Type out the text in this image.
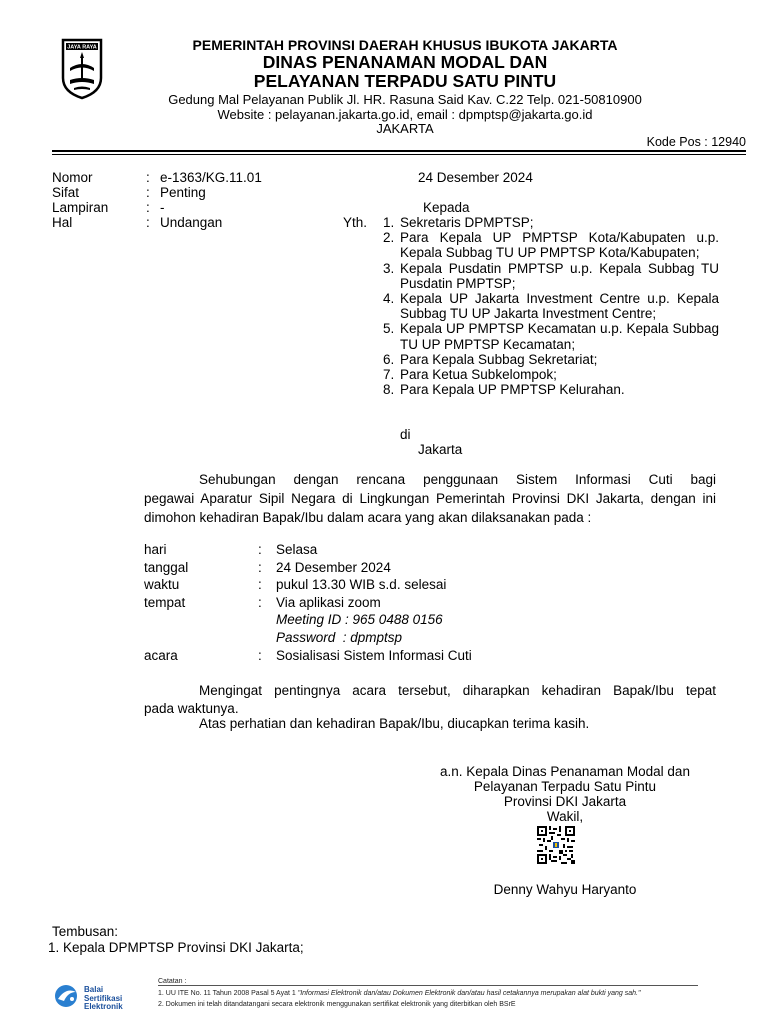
JAYA RAYA	PEMERINTAH PROVINSI DAERAH KHUSUS IBUKOTA JAKARTA
DINAS PENANAMAN MODAL DAN
PELAYANAN TERPADU SATU PINTU
Gedung Mal Pelayanan Publik Jl. HR. Rasuna Said Kav. C.22 Telp. 021-50810900
Website : pelayanan.jakarta.go.id, email : dpmptsp@jakarta.go.id
JAKARTA
Kode Pos : 12940
Nomor	: e-1363/KG.11.01	24 Desember 2024
Sifat	: Penting
Lampiran	: -	Kepada
Hal	: Undangan	Yth. 1. Sekretaris DPMPTSP;
2. Para Kepala UP PMPTSP Kota/Kabupaten u.p. Kepala Subbag TU UP PMPTSP Kota/Kabupaten;
3. Kepala Pusdatin PMPTSP u.p. Kepala Subbag TU Pusdatin PMPTSP;
4. Kepala UP Jakarta Investment Centre u.p. Kepala Subbag TU UP Jakarta Investment Centre;
5. Kepala UP PMPTSP Kecamatan u.p. Kepala Subbag TU UP PMPTSP Kecamatan;
6. Para Kepala Subbag Sekretariat;
7. Para Ketua Subkelompok;
8. Para Kepala UP PMPTSP Kelurahan.
di
Jakarta
Sehubungan dengan rencana penggunaan Sistem Informasi Cuti bagi
pegawai Aparatur Sipil Negara di Lingkungan Pemerintah Provinsi DKI Jakarta, dengan ini dimohon kehadiran Bapak/Ibu dalam acara yang akan dilaksanakan pada :
hari	: Selasa
tanggal	: 24 Desember 2024
waktu	: pukul 13.30 WIB s.d. selesai
tempat	: Via aplikasi zoom
Meeting ID : 965 0488 0156
Password  : dpmptsp
acara	: Sosialisasi Sistem Informasi Cuti
Mengingat pentingnya acara tersebut, diharapkan kehadiran Bapak/Ibu tepat
pada waktunya.
Atas perhatian dan kehadiran Bapak/Ibu, diucapkan terima kasih.
a.n. Kepala Dinas Penanaman Modal dan
Pelayanan Terpadu Satu Pintu
Provinsi DKI Jakarta
Wakil,
Denny Wahyu Haryanto
Tembusan:
1. Kepala DPMPTSP Provinsi DKI Jakarta;
Balai
Sertifikasi
Elektronik
Catatan :
1. UU ITE No. 11 Tahun 2008 Pasal 5 Ayat 1 "Informasi Elektronik dan/atau Dokumen Elektronik dan/atau hasil cetakannya merupakan alat bukti yang sah."
2. Dokumen ini telah ditandatangani secara elektronik menggunakan sertifikat elektronik yang diterbitkan oleh BSrE
